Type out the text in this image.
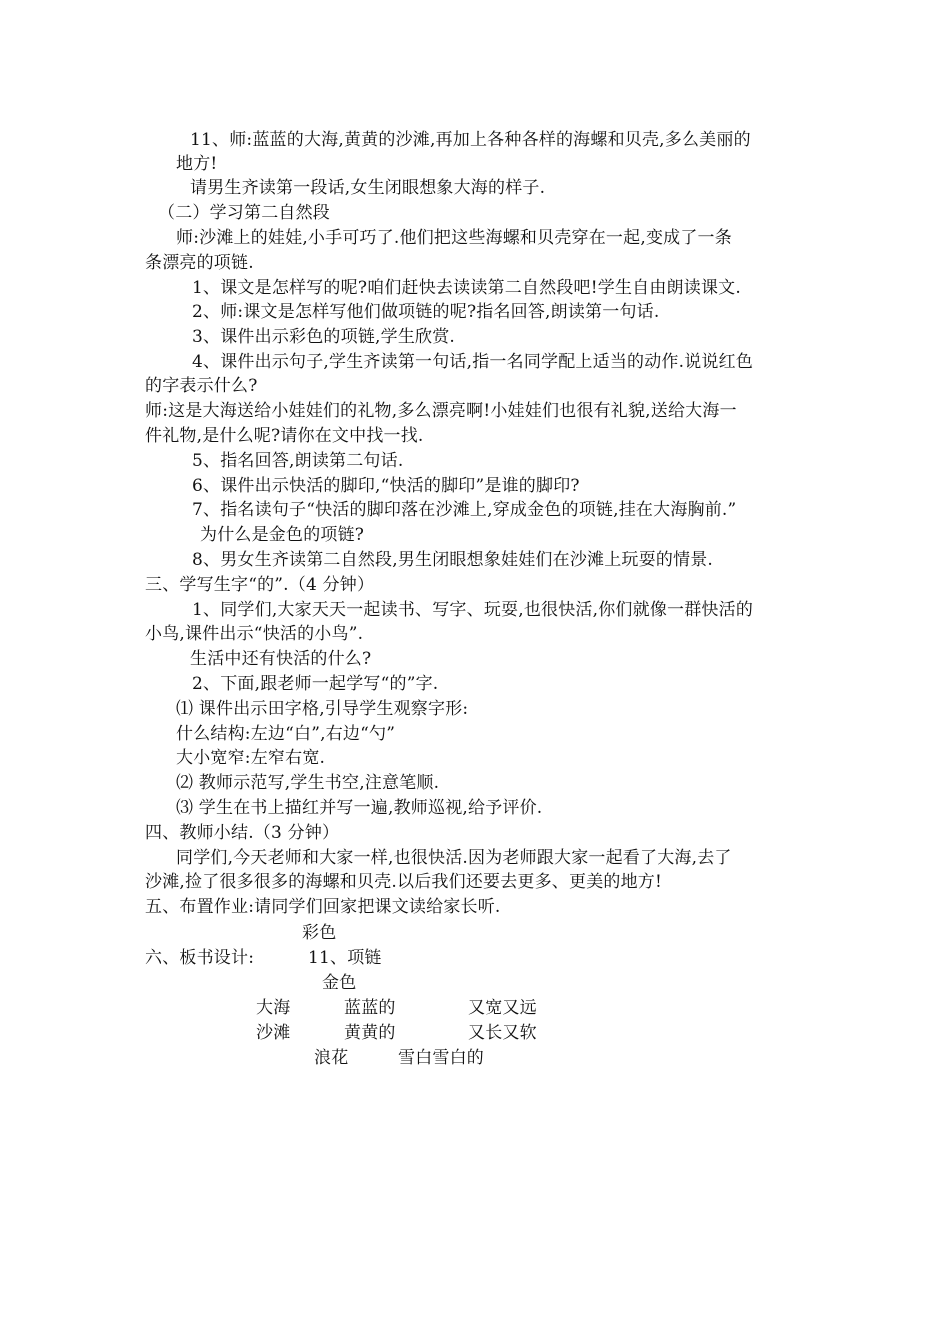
11、师:蓝蓝的大海,黄黄的沙滩,再加上各种各样的海螺和贝壳,多么美丽的
地方!
请男生齐读第一段话,女生闭眼想象大海的样子.
（二）学习第二自然段
师:沙滩上的娃娃,小手可巧了.他们把这些海螺和贝壳穿在一起,变成了一条
条漂亮的项链.
1、课文是怎样写的呢?咱们赶快去读读第二自然段吧!学生自由朗读课文.
2、师:课文是怎样写他们做项链的呢?指名回答,朗读第一句话.
3、课件出示彩色的项链,学生欣赏.
4、课件出示句子,学生齐读第一句话,指一名同学配上适当的动作.说说红色
的字表示什么?
师:这是大海送给小娃娃们的礼物,多么漂亮啊!小娃娃们也很有礼貌,送给大海一
件礼物,是什么呢?请你在文中找一找.
5、指名回答,朗读第二句话.
6、课件出示快活的脚印,“快活的脚印”是谁的脚印?
7、指名读句子“快活的脚印落在沙滩上,穿成金色的项链,挂在大海胸前.”
为什么是金色的项链?
8、男女生齐读第二自然段,男生闭眼想象娃娃们在沙滩上玩耍的情景.
三、学写生字“的”.（4 分钟）
1、同学们,大家天天一起读书、写字、玩耍,也很快活,你们就像一群快活的
小鸟,课件出示“快活的小鸟”.
生活中还有快活的什么?
2、下面,跟老师一起学写“的”字.
⑴ 课件出示田字格,引导学生观察字形:
什么结构:左边“白”,右边“勺”
大小宽窄:左窄右宽.
⑵ 教师示范写,学生书空,注意笔顺.
⑶ 学生在书上描红并写一遍,教师巡视,给予评价.
四、教师小结.（3 分钟）
同学们,今天老师和大家一样,也很快活.因为老师跟大家一起看了大海,去了
沙滩,捡了很多很多的海螺和贝壳.以后我们还要去更多、更美的地方!
五、布置作业:请同学们回家把课文读给家长听.
彩色
六、板书设计:	11、项链
金色
大海	蓝蓝的	又宽又远
沙滩	黄黄的	又长又软
浪花	雪白雪白的
